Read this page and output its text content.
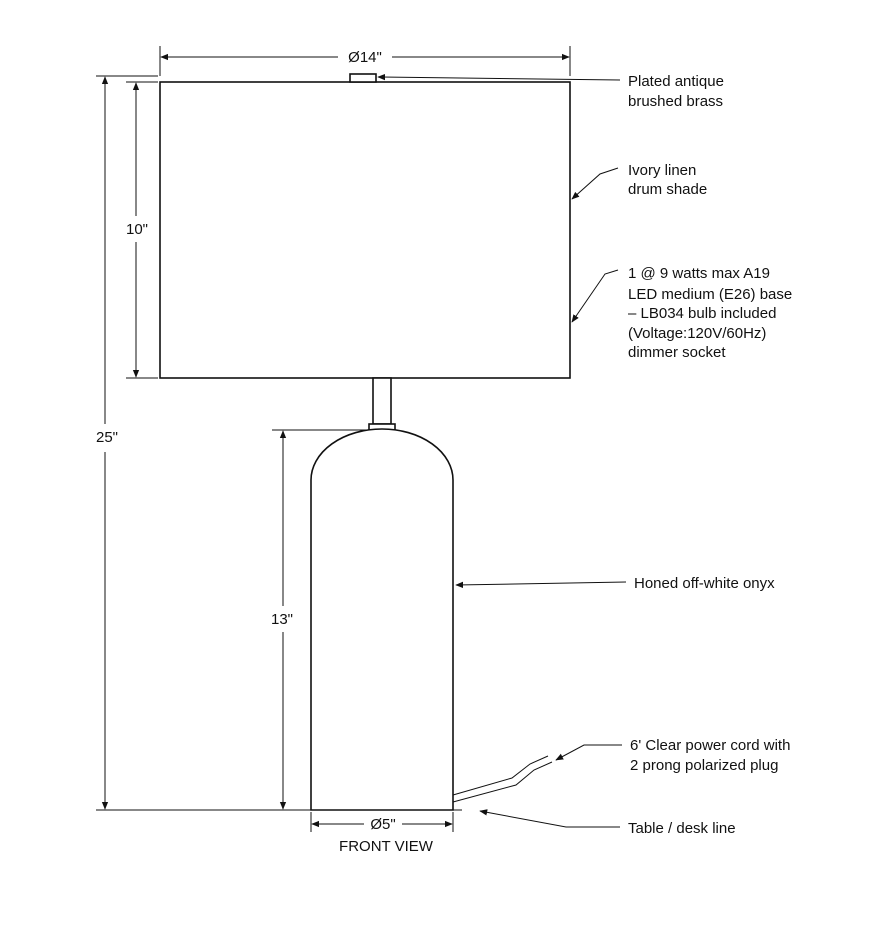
Ø14"
25"
10"
13"
Ø5"
FRONT VIEW
Plated antique brushed brass
Ivory linen drum shade
1 @ 9 watts max A19 LED medium (E26) base – LB034 bulb included (Voltage:120V/60Hz) dimmer socket
Honed off-white onyx
6' Clear power cord with 2 prong polarized plug
Table / desk line
